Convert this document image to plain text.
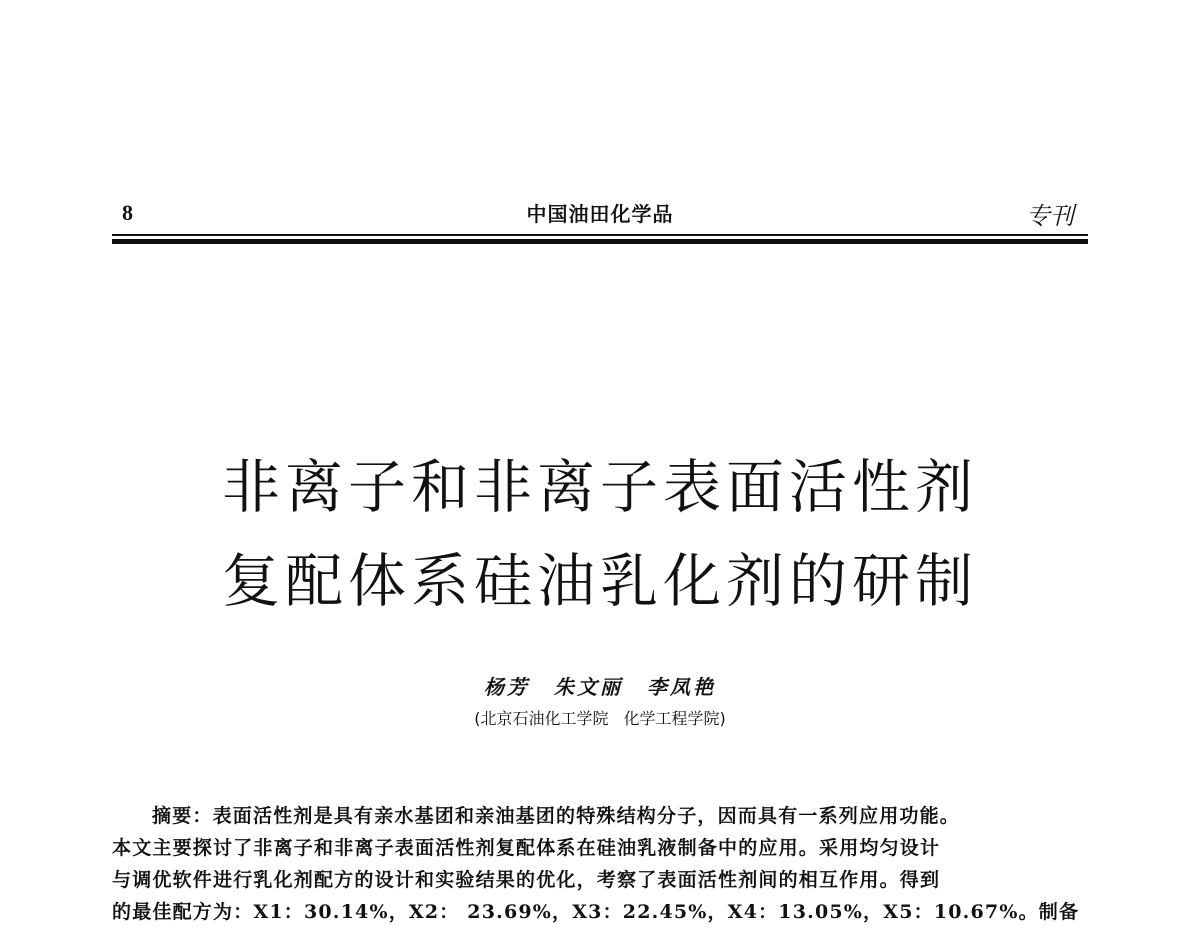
8	中国油田化学品	专刊
非离子和非离子表面活性剂
复配体系硅油乳化剂的研制
杨芳 朱文丽 李凤艳
(北京石油化工学院 化学工程学院)
摘要：表面活性剂是具有亲水基团和亲油基团的特殊结构分子，因而具有一系列应用功能。
本文主要探讨了非离子和非离子表面活性剂复配体系在硅油乳液制备中的应用。采用均匀设计
与调优软件进行乳化剂配方的设计和实验结果的优化，考察了表面活性剂间的相互作用。得到
的最佳配方为：X1：30.14%，X2： 23.69%，X3：22.45%，X4：13.05%，X5：10.67%。制备
